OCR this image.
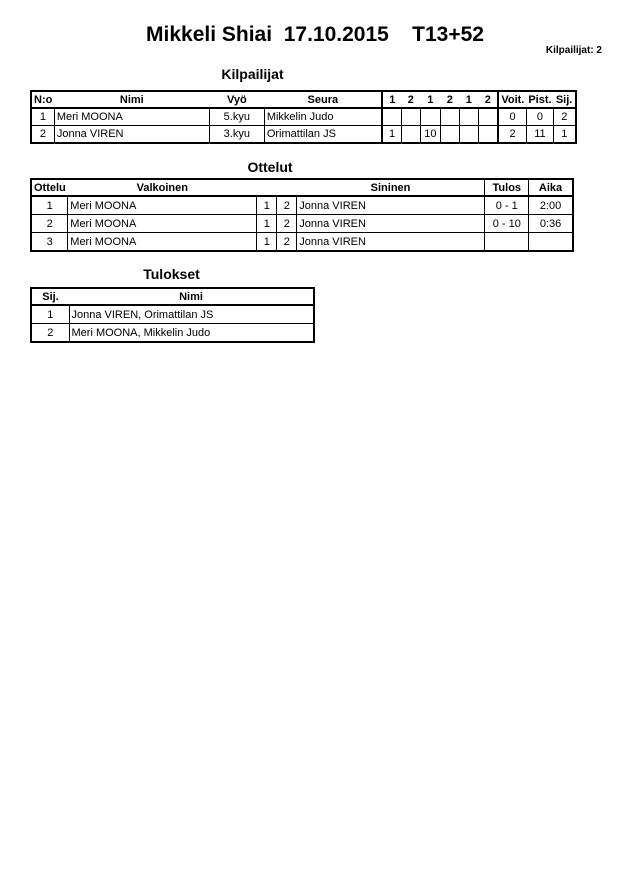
Mikkeli Shiai  17.10.2015    T13+52
Kilpailijat: 2
Kilpailijat
N:o	Nimi	Vyö	Seura	1	2	1	2	1	2	Voit.	Pist.	Sij.
1	Meri MOONA	5.kyu	Mikkelin Judo							0	0	2
2	Jonna VIREN	3.kyu	Orimattilan JS	1		10				2	11	1
Ottelut
Ottelu	Valkoinen			Sininen	Tulos	Aika
1	Meri MOONA	1	2	Jonna VIREN	0 - 1	2:00
2	Meri MOONA	1	2	Jonna VIREN	0 - 10	0:36
3	Meri MOONA	1	2	Jonna VIREN		
Tulokset
Sij.	Nimi
1	Jonna VIREN, Orimattilan JS
2	Meri MOONA, Mikkelin Judo
